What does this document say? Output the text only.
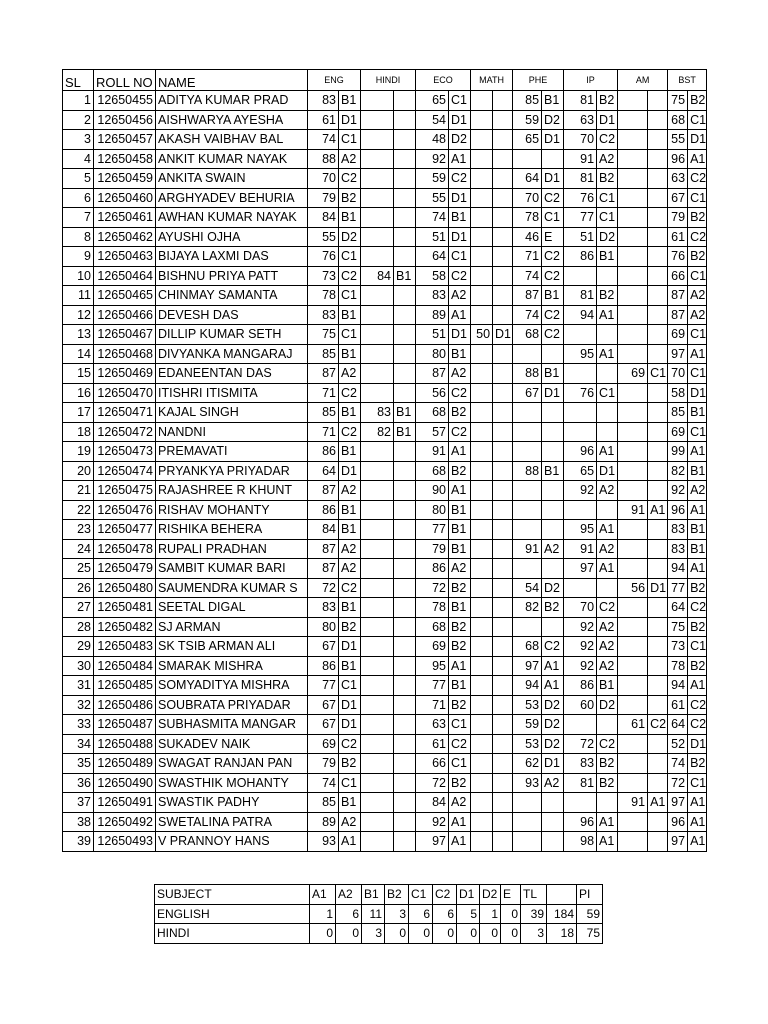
SL	ROLL NO	NAME	ENG		HINDI		ECO		MATH		PHE		IP		AM		BST	
1	12650455	ADITYA KUMAR PRAD	83	B1			65	C1			85	B1	81	B2			75	B2
2	12650456	AISHWARYA AYESHA	61	D1			54	D1			59	D2	63	D1			68	C1
3	12650457	AKASH VAIBHAV BAL	74	C1			48	D2			65	D1	70	C2			55	D1
4	12650458	ANKIT KUMAR NAYAK	88	A2			92	A1					91	A2			96	A1
5	12650459	ANKITA SWAIN	70	C2			59	C2			64	D1	81	B2			63	C2
6	12650460	ARGHYADEV BEHURIA	79	B2			55	D1			70	C2	76	C1			67	C1
7	12650461	AWHAN KUMAR NAYAK	84	B1			74	B1			78	C1	77	C1			79	B2
8	12650462	AYUSHI OJHA	55	D2			51	D1			46	E	51	D2			61	C2
9	12650463	BIJAYA LAXMI DAS	76	C1			64	C1			71	C2	86	B1			76	B2
10	12650464	BISHNU PRIYA PATT	73	C2	84	B1	58	C2			74	C2					66	C1
11	12650465	CHINMAY SAMANTA	78	C1			83	A2			87	B1	81	B2			87	A2
12	12650466	DEVESH DAS	83	B1			89	A1			74	C2	94	A1			87	A2
13	12650467	DILLIP KUMAR SETH	75	C1			51	D1	50	D1	68	C2					69	C1
14	12650468	DIVYANKA MANGARAJ	85	B1			80	B1					95	A1			97	A1
15	12650469	EDANEENTAN DAS	87	A2			87	A2			88	B1			69	C1	70	C1
16	12650470	ITISHRI ITISMITA	71	C2			56	C2			67	D1	76	C1			58	D1
17	12650471	KAJAL SINGH	85	B1	83	B1	68	B2									85	B1
18	12650472	NANDNI	71	C2	82	B1	57	C2									69	C1
19	12650473	PREMAVATI	86	B1			91	A1					96	A1			99	A1
20	12650474	PRYANKYA PRIYADAR	64	D1			68	B2			88	B1	65	D1			82	B1
21	12650475	RAJASHREE R KHUNT	87	A2			90	A1					92	A2			92	A2
22	12650476	RISHAV MOHANTY	86	B1			80	B1							91	A1	96	A1
23	12650477	RISHIKA BEHERA	84	B1			77	B1					95	A1			83	B1
24	12650478	RUPALI PRADHAN	87	A2			79	B1			91	A2	91	A2			83	B1
25	12650479	SAMBIT KUMAR BARI	87	A2			86	A2					97	A1			94	A1
26	12650480	SAUMENDRA KUMAR S	72	C2			72	B2			54	D2			56	D1	77	B2
27	12650481	SEETAL DIGAL	83	B1			78	B1			82	B2	70	C2			64	C2
28	12650482	SJ ARMAN	80	B2			68	B2					92	A2			75	B2
29	12650483	SK TSIB ARMAN ALI	67	D1			69	B2			68	C2	92	A2			73	C1
30	12650484	SMARAK MISHRA	86	B1			95	A1			97	A1	92	A2			78	B2
31	12650485	SOMYADITYA MISHRA	77	C1			77	B1			94	A1	86	B1			94	A1
32	12650486	SOUBRATA PRIYADAR	67	D1			71	B2			53	D2	60	D2			61	C2
33	12650487	SUBHASMITA MANGAR	67	D1			63	C1			59	D2			61	C2	64	C2
34	12650488	SUKADEV NAIK	69	C2			61	C2			53	D2	72	C2			52	D1
35	12650489	SWAGAT RANJAN PAN	79	B2			66	C1			62	D1	83	B2			74	B2
36	12650490	SWASTHIK MOHANTY	74	C1			72	B2			93	A2	81	B2			72	C1
37	12650491	SWASTIK PADHY	85	B1			84	A2							91	A1	97	A1
38	12650492	SWETALINA PATRA	89	A2			92	A1					96	A1			96	A1
39	12650493	V PRANNOY HANS	93	A1			97	A1					98	A1			97	A1
SUBJECT	A1	A2	B1	B2	C1	C2	D1	D2	E	TL		PI
ENGLISH	1	6	11	3	6	6	5	1	0	39	184	59
HINDI	0	0	3	0	0	0	0	0	0	3	18	75
